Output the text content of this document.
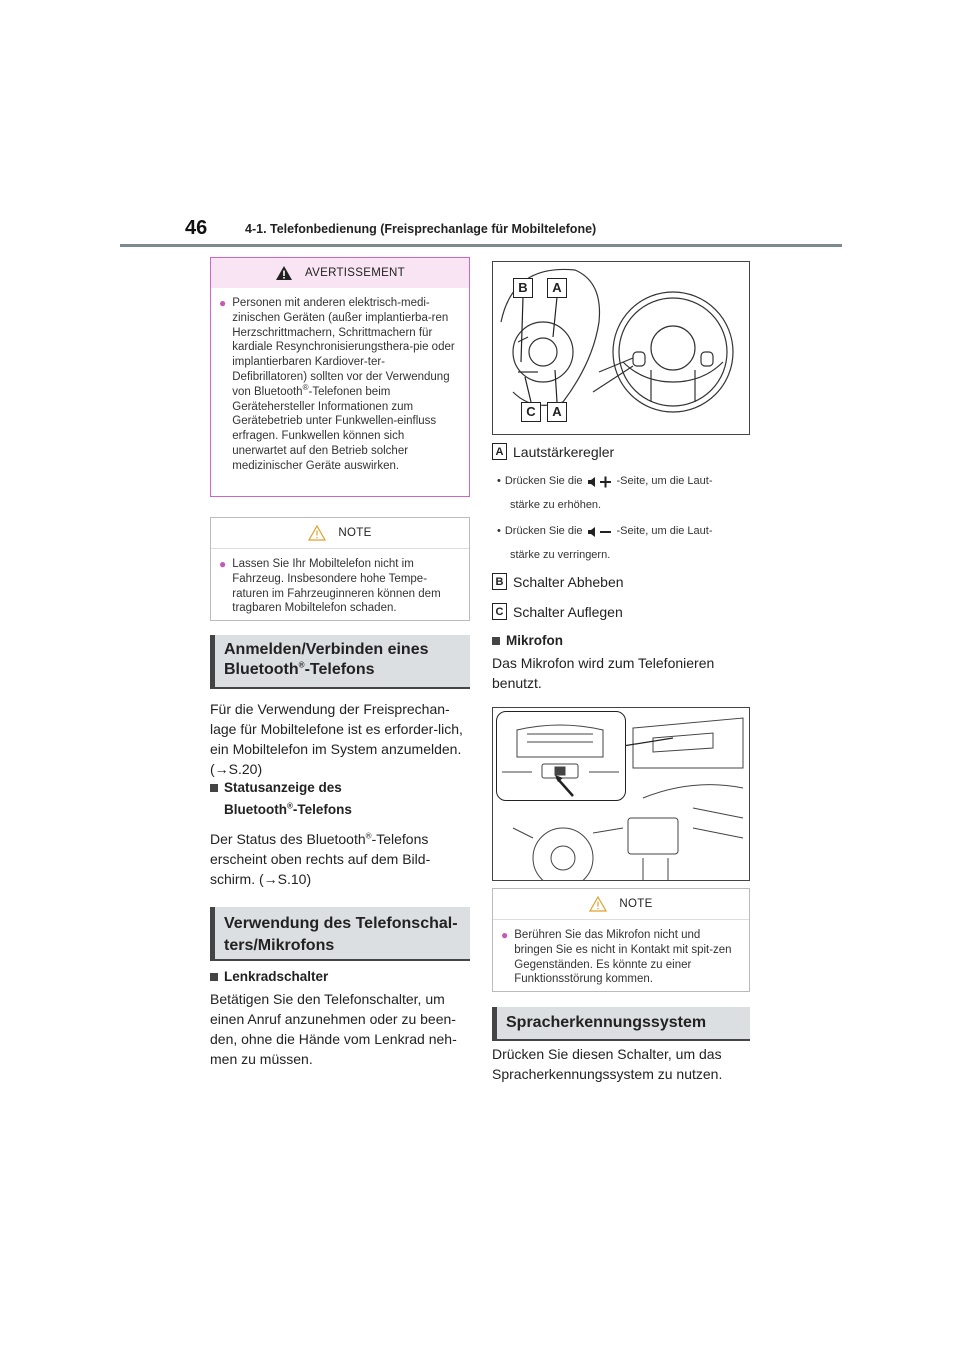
46	4-1. Telefonbedienung (Freisprechanlage für Mobiltelefone)
AVERTISSEMENT
● Personen mit anderen elektrisch-medi-zinischen Geräten (außer implantierba-ren Herzschrittmachern, Schrittmachern für kardiale Resynchronisierungsthera-pie oder implantierbaren Kardiover-ter-Defibrillatoren) sollten vor der Verwendung von Bluetooth®-Telefonen beim Gerätehersteller Informationen zum Gerätebetrieb unter Funkwellen-einfluss erfragen. Funkwellen können sich unerwartet auf den Betrieb solcher medizinischer Geräte auswirken.
NOTE
● Lassen Sie Ihr Mobiltelefon nicht im Fahrzeug. Insbesondere hohe Tempe-raturen im Fahrzeuginneren können dem tragbaren Mobiltelefon schaden.
Anmelden/Verbinden eines
Bluetooth®-Telefons
Für die Verwendung der Freisprechan-lage für Mobiltelefone ist es erforder-lich, ein Mobiltelefon im System anzumelden. (→S.20)
Statusanzeige des
Bluetooth®-Telefons
Der Status des Bluetooth®-Telefons erscheint oben rechts auf dem Bild-schirm. (→S.10)
Verwendung des Telefonschal-ters/Mikrofons
Lenkradschalter
Betätigen Sie den Telefonschalter, um einen Anruf anzunehmen oder zu been-den, ohne die Hände vom Lenkrad neh-men zu müssen.
B	A
C	A
A Lautstärkeregler
• Drücken Sie die	-Seite, um die Laut-
stärke zu erhöhen.
• Drücken Sie die	-Seite, um die Laut-
stärke zu verringern.
B Schalter Abheben
C Schalter Auflegen
Mikrofon
Das Mikrofon wird zum Telefonieren benutzt.
NOTE
● Berühren Sie das Mikrofon nicht und bringen Sie es nicht in Kontakt mit spit-zen Gegenständen. Es könnte zu einer Funktionsstörung kommen.
Spracherkennungssystem
Drücken Sie diesen Schalter, um das Spracherkennungssystem zu nutzen.
